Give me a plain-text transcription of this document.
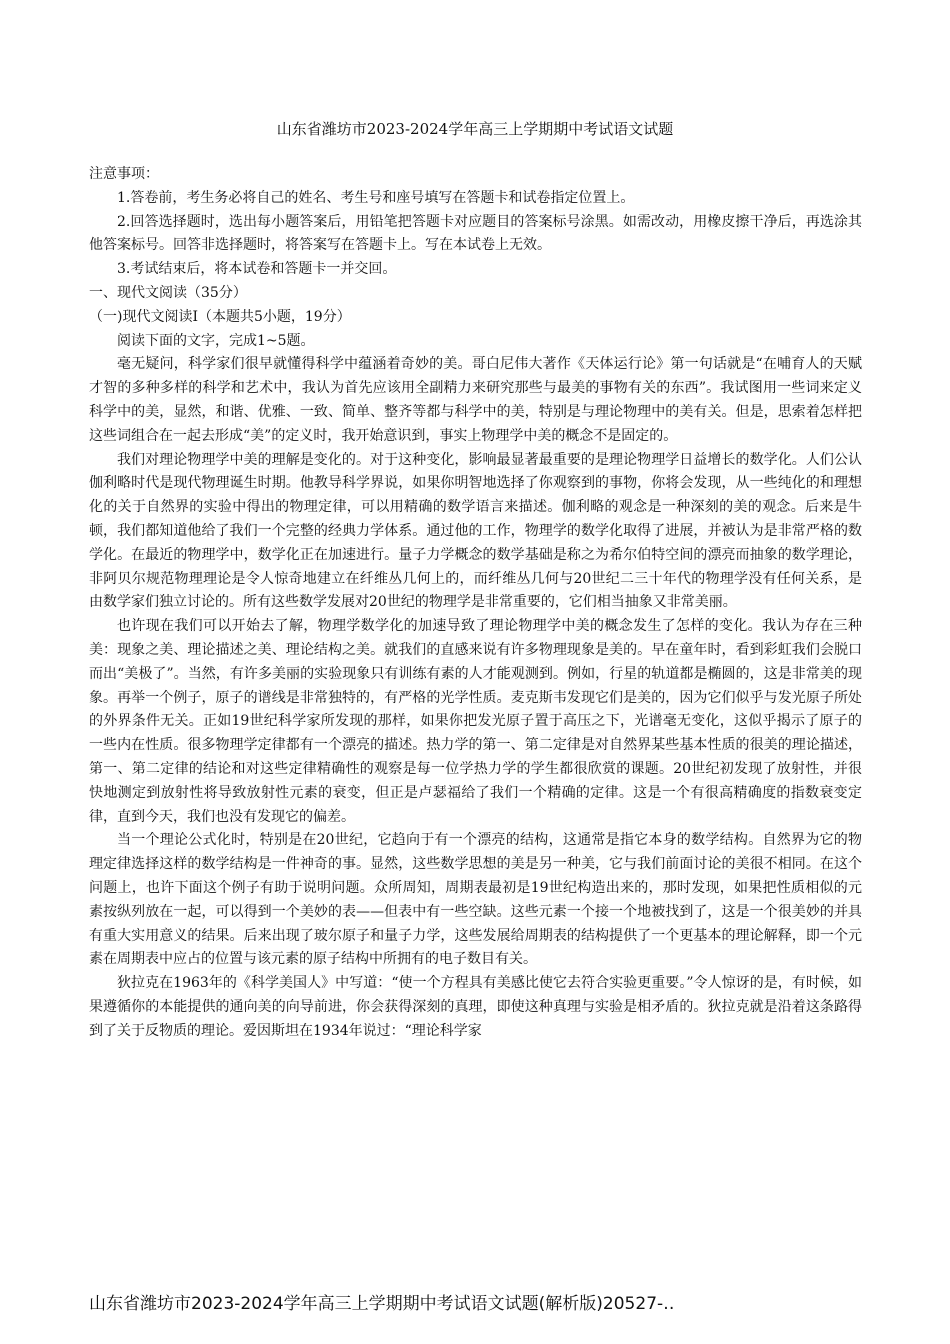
山东省潍坊市2023-2024学年高三上学期期中考试语文试题

注意事项：

1.答卷前，考生务必将自己的姓名、考生号和座号填写在答题卡和试卷指定位置上。

2.回答选择题时，选出每小题答案后，用铅笔把答题卡对应题目的答案标号涂黑。如需改动，用橡皮擦干净后，再选涂其他答案标号。回答非选择题时，将答案写在答题卡上。写在本试卷上无效。

3.考试结束后，将本试卷和答题卡一并交回。

一、现代文阅读（35分）

（一)现代文阅读Ⅰ（本题共5小题，19分）

阅读下面的文字，完成1~5题。

毫无疑问，科学家们很早就懂得科学中蕴涵着奇妙的美。哥白尼伟大著作《天体运行论》第一句话就是“在哺育人的天赋才智的多种多样的科学和艺术中，我认为首先应该用全副精力来研究那些与最美的事物有关的东西”。我试图用一些词来定义科学中的美，显然，和谐、优雅、一致、简单、整齐等都与科学中的美，特别是与理论物理中的美有关。但是，思索着怎样把这些词组合在一起去形成“美”的定义时，我开始意识到，事实上物理学中美的概念不是固定的。

我们对理论物理学中美的理解是变化的。对于这种变化，影响最显著最重要的是理论物理学日益增长的数学化。人们公认伽利略时代是现代物理诞生时期。他教导科学界说，如果你明智地选择了你观察到的事物，你将会发现，从一些纯化的和理想化的关于自然界的实验中得出的物理定律，可以用精确的数学语言来描述。伽利略的观念是一种深刻的美的观念。后来是牛顿，我们都知道他给了我们一个完整的经典力学体系。通过他的工作，物理学的数学化取得了进展，并被认为是非常严格的数学化。在最近的物理学中，数学化正在加速进行。量子力学概念的数学基础是称之为希尔伯特空间的漂亮而抽象的数学理论，非阿贝尔规范物理理论是令人惊奇地建立在纤维丛几何上的，而纤维丛几何与20世纪二三十年代的物理学没有任何关系，是由数学家们独立讨论的。所有这些数学发展对20世纪的物理学是非常重要的，它们相当抽象又非常美丽。

也许现在我们可以开始去了解，物理学数学化的加速导致了理论物理学中美的概念发生了怎样的变化。我认为存在三种美：现象之美、理论描述之美、理论结构之美。就我们的直感来说有许多物理现象是美的。早在童年时，看到彩虹我们会脱口而出“美极了”。当然，有许多美丽的实验现象只有训练有素的人才能观测到。例如，行星的轨道都是椭圆的，这是非常美的现象。再举一个例子，原子的谱线是非常独特的，有严格的光学性质。麦克斯韦发现它们是美的，因为它们似乎与发光原子所处的外界条件无关。正如19世纪科学家所发现的那样，如果你把发光原子置于高压之下，光谱毫无变化，这似乎揭示了原子的一些内在性质。很多物理学定律都有一个漂亮的描述。热力学的第一、第二定律是对自然界某些基本性质的很美的理论描述，第一、第二定律的结论和对这些定律精确性的观察是每一位学热力学的学生都很欣赏的课题。20世纪初发现了放射性，并很快地测定到放射性将导致放射性元素的衰变，但正是卢瑟福给了我们一个精确的定律。这是一个有很高精确度的指数衰变定律，直到今天，我们也没有发现它的偏差。

当一个理论公式化时，特别是在20世纪，它趋向于有一个漂亮的结构，这通常是指它本身的数学结构。自然界为它的物理定律选择这样的数学结构是一件神奇的事。显然，这些数学思想的美是另一种美，它与我们前面讨论的美很不相同。在这个问题上，也许下面这个例子有助于说明问题。众所周知，周期表最初是19世纪构造出来的，那时发现，如果把性质相似的元素按纵列放在一起，可以得到一个美妙的表——但表中有一些空缺。这些元素一个接一个地被找到了，这是一个很美妙的并具有重大实用意义的结果。后来出现了玻尔原子和量子力学，这些发展给周期表的结构提供了一个更基本的理论解释，即一个元素在周期表中应占的位置与该元素的原子结构中所拥有的电子数目有关。

狄拉克在1963年的《科学美国人》中写道：“使一个方程具有美感比使它去符合实验更重要。”令人惊讶的是，有时候，如果遵循你的本能提供的通向美的向导前进，你会获得深刻的真理，即使这种真理与实验是相矛盾的。狄拉克就是沿着这条路得到了关于反物质的理论。爱因斯坦在1934年说过：“理论科学家

山东省潍坊市2023-2024学年高三上学期期中考试语文试题(解析版)20527-‥
